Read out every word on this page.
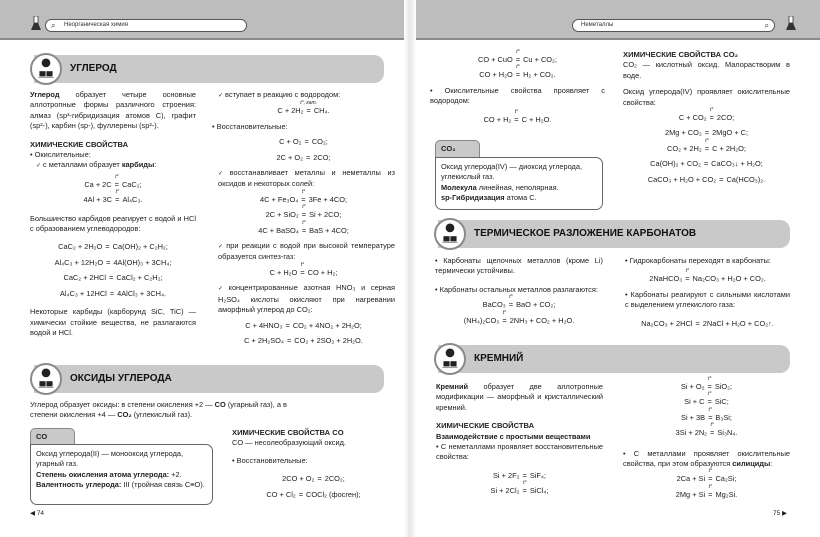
⌕ Неорганическая химия	Неметаллы	⌕
УГЛЕРОД

Углерод образует четыре основные аллотропные формы различного строения: алмаз (sp³-гибридизация атомов С), графит (sp²-), карбин (sp-), фуллерены (sp²-).

ХИМИЧЕСКИЕ СВОЙСТВА

• Окислительные:

✓ с металлами образует карбиды:

Ca + 2C
t°
= CaC₂;
4Al + 3C
t°
= Al₄C₃.

Большинство карбидов реагирует с водой и HCl с образованием углеводородов:

CaC₂ + 2H₂O = Ca(OH)₂ + C₂H₂;
Al₄C₃ + 12H₂O = 4Al(OH)₃ + 3CH₄;
CaC₂ + 2HCl = CaCl₂ + C₂H₂;
Al₄C₃ + 12HCl = 4AlCl₃ + 3CH₄.

Некоторые карбиды (карборунд SiC, TiC) — химически стойкие вещества, не разлагаются водой и HCl.

✓ вступает в реакцию с водородом:

C + 2H₂
t°, кат.
= CH₄.

• Восстановительные:

C + O₂ = CO₂;
2C + O₂ = 2CO;

✓ восстанавливает металлы и неметаллы из оксидов и некоторых солей:

4C + Fe₃O₄
t°
= 3Fe + 4CO;
2C + SiO₂
t°
= Si + 2CO;
4C + BaSO₄
t°
= BaS + 4CO;

✓ при реакции с водой при высокой температуре образуется синтез-газ:

C + H₂O
t°
= CO + H₂;

✓ концентрированные азотная HNO₃ и серная H₂SO₄ кислоты окисляют при нагревании аморфный углерод до CO₂:

C + 4HNO₃ = CO₂ + 4NO₂ + 2H₂O;
C + 2H₂SO₄ = CO₂ + 2SO₂ + 2H₂O.
ОКСИДЫ УГЛЕРОДА
Углерод образует оксиды: в степени окисления +2 — CO (угарный газ), а в степени окисления +4 — CO₂ (углекислый газ).
CO

Оксид углерода(II) — монооксид углерода, угарный газ.

Степень окисления атома углерода: +2.

Валентность углерода: III (тройная связь C≡O).

ХИМИЧЕСКИЕ СВОЙСТВА CO

CO — несолеобразующий оксид.

• Восстановительные:

2CO + O₂ = 2CO₂;
CO + Cl₂ = COCl₂ (фосген);
◀ 74
CO + CuO
t°
= Cu + CO₂;
CO + H₂O
t°
= H₂ + CO₂.

• Окислительные свойства проявляет с водородом:

CO + H₂
t°
= C + H₂O.
CO₂

Оксид углерода(IV) — диоксид углерода, углекислый газ.

Молекула линейная, неполярная.

sp-Гибридизация атома C.

ХИМИЧЕСКИЕ СВОЙСТВА CO₂

CO₂ — кислотный оксид. Малорастворим в воде.

Оксид углерода(IV) проявляет окислительные свойства:

C + CO₂
t°
= 2CO;
2Mg + CO₂ = 2MgO + C;
CO₂ + 2H₂
t°
= C + 2H₂O;
Ca(OH)₂ + CO₂ = CaCO₃↓ + H₂O;
CaCO₃ + H₂O + CO₂ = Ca(HCO₃)₂.
ТЕРМИЧЕСКОЕ РАЗЛОЖЕНИЕ КАРБОНАТОВ

• Карбонаты щелочных металлов (кроме Li) термически устойчивы.

• Карбонаты остальных металлов разлагаются:

BaCO₃
t°
= BaO + CO₂;
(NH₄)₂CO₃
t°
= 2NH₃ + CO₂ + H₂O.

• Гидрокарбонаты переходят в карбонаты:

2NaHCO₃
t°
= Na₂CO₃ + H₂O + CO₂.

• Карбонаты реагируют с сильными кислотами с выделением углекислого газа:

Na₂CO₃ + 2HCl = 2NaCl + H₂O + CO₂↑.
КРЕМНИЙ

Кремний образует две аллотропные модификации — аморфный и кристаллический кремний.

ХИМИЧЕСКИЕ СВОЙСТВА

Взаимодействие с простыми веществами

• С неметаллами проявляет восстановительные свойства:

Si + 2F₂ = SiF₄;
Si + 2Cl₂
t°
= SiCl₄;
Si + O₂
t°
= SiO₂;
Si + C
t°
= SiC;
Si + 3B
t°
= B₃Si;
3Si + 2N₂
t°
= Si₃N₄.

• С металлами проявляет окислительные свойства, при этом образуются силициды:

2Ca + Si
t°
= Ca₂Si;
2Mg + Si
t°
= Mg₂Si.
75 ▶
